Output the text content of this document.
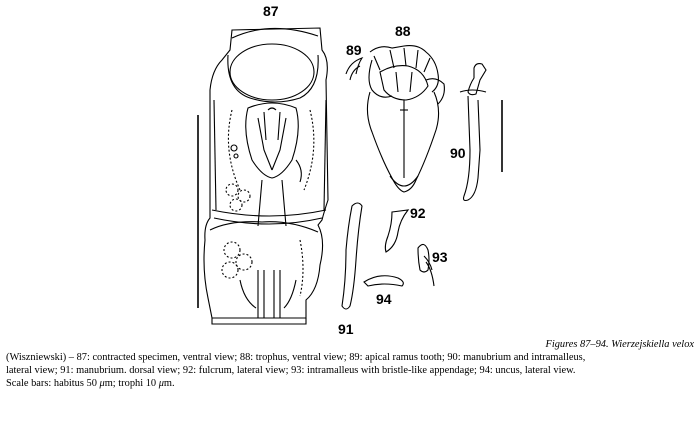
87
88
89
90
91
92
93
94
Figures 87–94. Wierzejskiella velox
(Wiszniewski) – 87: contracted specimen, ventral view; 88: trophus, ventral view; 89: apical ramus tooth; 90: manubrium and intramalleus,
lateral view; 91: manubrium. dorsal view; 92: fulcrum, lateral view; 93: intramalleus with bristle-like appendage; 94: uncus, lateral view.
Scale bars: habitus 50 μm; trophi 10 μm.
